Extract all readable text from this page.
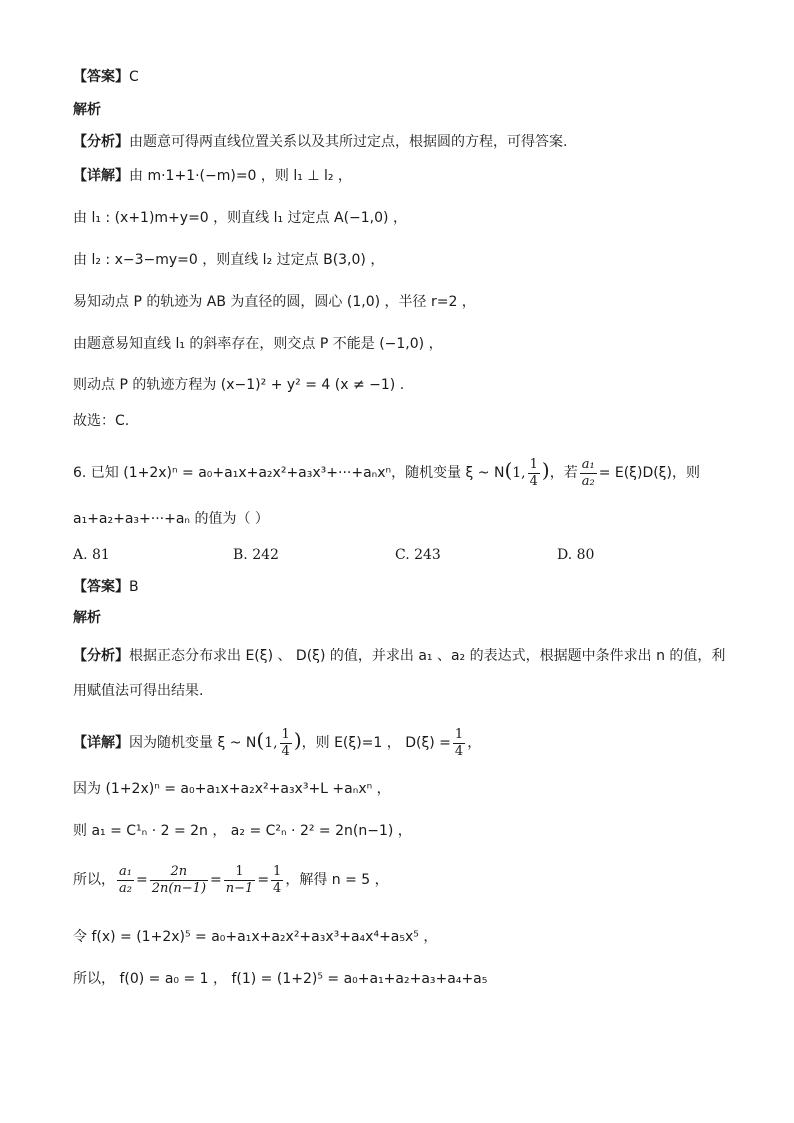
【答案】C
解析
【分析】由题意可得两直线位置关系以及其所过定点，根据圆的方程，可得答案.
【详解】由 m·1+1·(−m)=0 ，则 l₁ ⊥ l₂ ，
由 l₁ : (x+1)m+y=0 ，则直线 l₁ 过定点 A(−1,0) ，
由 l₂ : x−3−my=0 ，则直线 l₂ 过定点 B(3,0) ，
易知动点 P 的轨迹为 AB 为直径的圆，圆心 (1,0) ，半径 r=2 ，
由题意易知直线 l₁ 的斜率存在，则交点 P 不能是 (−1,0) ，
则动点 P 的轨迹方程为 (x−1)² + y² = 4 (x ≠ −1) .
故选：C.
6. 已知 (1+2x)ⁿ = a₀+a₁x+a₂x²+a₃x³+···+aₙxⁿ，随机变量 ξ ~ N(1, $\frac{1}{4}$ )，若 $\frac{\text{a₁}}{\text{a₂}} = E(\xi)D(\xi)$，则
a₁+a₂+a₃+···+aₙ 的值为（ ）
A. 81	B. 242	C. 243	D. 80
【答案】B
解析
【分析】根据正态分布求出 E(ξ) 、 D(ξ) 的值，并求出 a₁ 、a₂ 的表达式，根据题中条件求出 n 的值，利
用赋值法可得出结果.
【详解】因为随机变量 ξ ~ N(1, $\frac{1}{4}$ )，则 E(ξ)=1 ， $D(\xi) = \frac{1}{4}$ ，
因为 (1+2x)ⁿ = a₀+a₁x+a₂x²+a₃x³+L +aₙxⁿ ，
则 a₁ = C¹ₙ · 2 = 2n ， a₂ = C²ₙ · 2² = 2n(n−1) ，
所以， $\frac{\text{a₁}}{\text{a₂}} = \frac{2n}{2n(n-1)} = \frac{1}{n-1} = \frac{1}{4}$ ，解得 n = 5 ，
令 f(x) = (1+2x)⁵ = a₀+a₁x+a₂x²+a₃x³+a₄x⁴+a₅x⁵ ，
所以， f(0) = a₀ = 1 ， f(1) = (1+2)⁵ = a₀+a₁+a₂+a₃+a₄+a₅
